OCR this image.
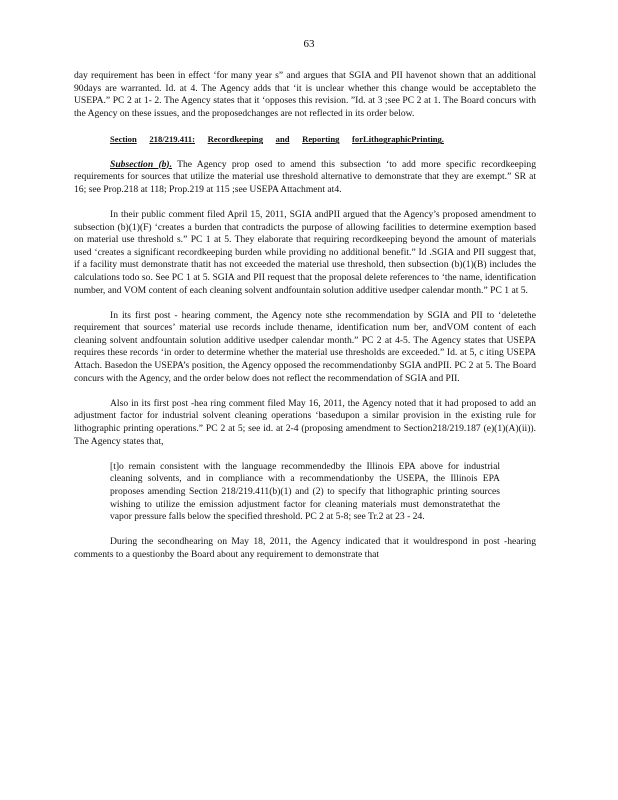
63

day requirement has been in effect ‘for many year s” and argues that SGIA and PII havenot shown that an additional 90days are warranted. Id. at 4. The Agency adds that ‘it is unclear whether this change would be acceptableto the USEPA.” PC 2 at 1- 2. The Agency states that it ‘opposes this revision. ”Id. at 3 ;see PC 2 at 1. The Board concurs with the Agency on these issues, and the proposedchanges are not reflected in its order below.

Section 218/219.411: Recordkeeping and Reporting forLithographicPrinting.

Subsection (b). The Agency prop osed to amend this subsection ‘to add more specific recordkeeping requirements for sources that utilize the material use threshold alternative to demonstrate that they are exempt.” SR at 16; see Prop.218 at 118; Prop.219 at 115 ;see USEPA Attachment at4.

In their public comment filed April 15, 2011, SGIA andPII argued that the Agency’s proposed amendment to subsection (b)(1)(F) ‘creates a burden that contradicts the purpose of allowing facilities to determine exemption based on material use threshold s.” PC 1 at 5. They elaborate that requiring recordkeeping beyond the amount of materials used ‘creates a significant recordkeeping burden while providing no additional benefit.” Id .SGIA and PII suggest that, if a facility must demonstrate thatit has not exceeded the material use threshold, then subsection (b)(1)(B) includes the calculations todo so. See PC 1 at 5. SGIA and PII request that the proposal delete references to ‘the name, identification number, and VOM content of each cleaning solvent andfountain solution additive usedper calendar month.” PC 1 at 5.

In its first post - hearing comment, the Agency note sthe recommendation by SGIA and PII to ‘deletethe requirement that sources’ material use records include thename, identification num ber, andVOM content of each cleaning solvent andfountain solution additive usedper calendar month.” PC 2 at 4-5. The Agency states that USEPA requires these records ‘in order to determine whether the material use thresholds are exceeded.” Id. at 5, c iting USEPA Attach. Basedon the USEPA’s position, the Agency opposed the recommendationby SGIA andPII. PC 2 at 5. The Board concurs with the Agency, and the order below does not reflect the recommendation of SGIA and PII.

Also in its first post -hea ring comment filed May 16, 2011, the Agency noted that it had proposed to add an adjustment factor for industrial solvent cleaning operations ‘basedupon a similar provision in the existing rule for lithographic printing operations.” PC 2 at 5; see id. at 2-4 (proposing amendment to Section218/219.187 (e)(1)(A)(ii)). The Agency states that,

[t]o remain consistent with the language recommendedby the Illinois EPA above for industrial cleaning solvents, and in compliance with a recommendationby the USEPA, the Illinois EPA proposes amending Section 218/219.411(b)(1) and (2) to specify that lithographic printing sources wishing to utilize the emission adjustment factor for cleaning materials must demonstratethat the vapor pressure falls below the specified threshold. PC 2 at 5-8; see Tr.2 at 23 - 24.

During the secondhearing on May 18, 2011, the Agency indicated that it wouldrespond in post -hearing comments to a questionby the Board about any requirement to demonstrate that
